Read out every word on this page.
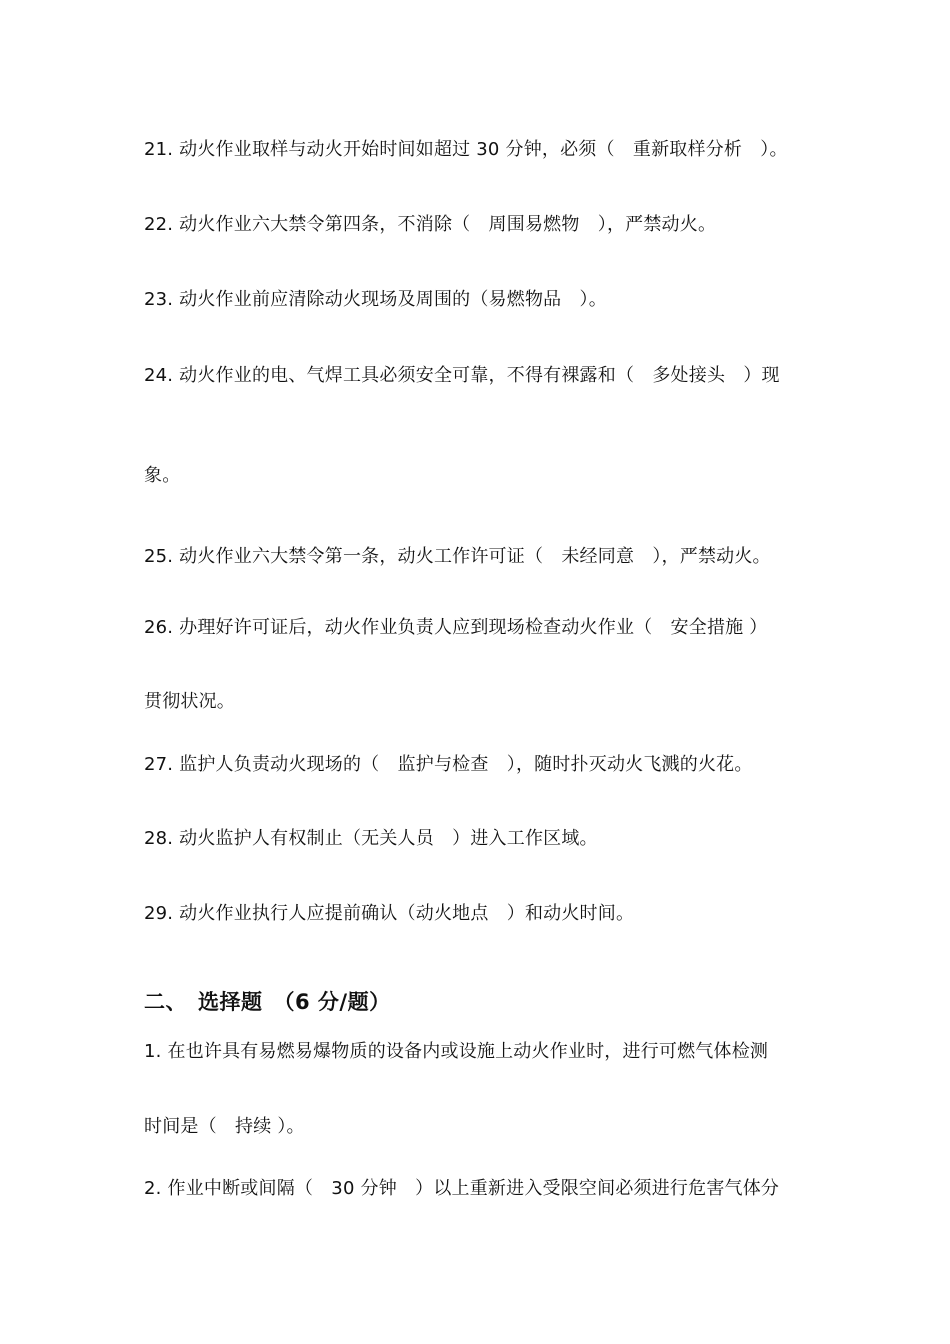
21. 动火作业取样与动火开始时间如超过 30 分钟，必须（　重新取样分析　）。
22. 动火作业六大禁令第四条，不消除（　周围易燃物　），严禁动火。
23. 动火作业前应清除动火现场及周围的（易燃物品　）。
24. 动火作业的电、气焊工具必须安全可靠，不得有裸露和（　多处接头　）现
象。
25. 动火作业六大禁令第一条，动火工作许可证（　未经同意　），严禁动火。
26. 办理好许可证后，动火作业负责人应到现场检查动火作业（　安全措施 ）
贯彻状况。
27. 监护人负责动火现场的（　监护与检查　），随时扑灭动火飞溅的火花。
28. 动火监护人有权制止（无关人员　）进入工作区域。
29. 动火作业执行人应提前确认（动火地点　）和动火时间。
二、　选择题　（6 分/题）
1. 在也许具有易燃易爆物质的设备内或设施上动火作业时，进行可燃气体检测
时间是（　持续 ）。
2. 作业中断或间隔（　30 分钟　）以上重新进入受限空间必须进行危害气体分
